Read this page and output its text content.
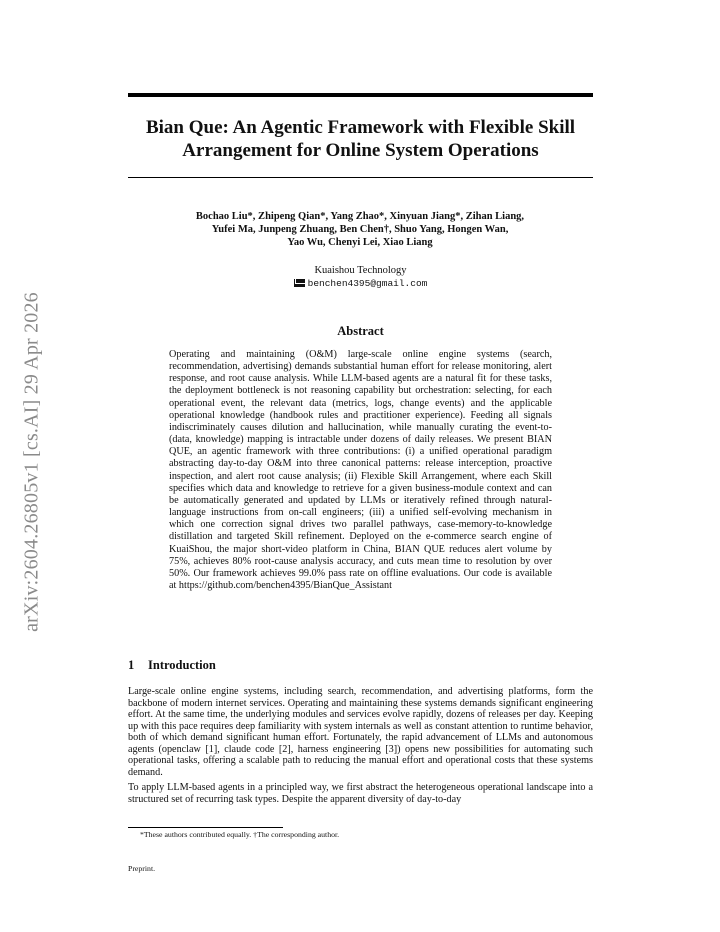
arXiv:2604.26805v1 [cs.AI] 29 Apr 2026
Bian Que: An Agentic Framework with Flexible Skill
Arrangement for Online System Operations
Bochao Liu*, Zhipeng Qian*, Yang Zhao*, Xinyuan Jiang*, Zihan Liang,
Yufei Ma, Junpeng Zhuang, Ben Chen†, Shuo Yang, Hongen Wan,
Yao Wu, Chenyi Lei, Xiao Liang
Kuaishou Technology
benchen4395@gmail.com
Abstract

Operating and maintaining (O&M) large-scale online engine systems (search, recommendation, advertising) demands substantial human effort for release monitoring, alert response, and root cause analysis. While LLM-based agents are a natural fit for these tasks, the deployment bottleneck is not reasoning capability but orchestration: selecting, for each operational event, the relevant data (metrics, logs, change events) and the applicable operational knowledge (handbook rules and practitioner experience). Feeding all signals indiscriminately causes dilution and hallucination, while manually curating the event-to-(data, knowledge) mapping is intractable under dozens of daily releases. We present BIAN QUE, an agentic framework with three contributions: (i) a unified operational paradigm abstracting day-to-day O&M into three canonical patterns: release interception, proactive inspection, and alert root cause analysis; (ii) Flexible Skill Arrangement, where each Skill specifies which data and knowledge to retrieve for a given business-module context and can be automatically generated and updated by LLMs or iteratively refined through natural-language instructions from on-call engineers; (iii) a unified self-evolving mechanism in which one correction signal drives two parallel pathways, case-memory-to-knowledge distillation and targeted Skill refinement. Deployed on the e-commerce search engine of KuaiShou, the major short-video platform in China, BIAN QUE reduces alert volume by 75%, achieves 80% root-cause analysis accuracy, and cuts mean time to resolution by over 50%. Our framework achieves 99.0% pass rate on offline evaluations. Our code is available at https://github.com/benchen4395/BianQue_Assistant

1 Introduction

Large-scale online engine systems, including search, recommendation, and advertising platforms, form the backbone of modern internet services. Operating and maintaining these systems demands significant engineering effort. At the same time, the underlying modules and services evolve rapidly, dozens of releases per day. Keeping up with this pace requires deep familiarity with system internals as well as constant attention to runtime behavior, both of which demand significant human effort. Fortunately, the rapid advancement of LLMs and autonomous agents (openclaw [1], claude code [2], harness engineering [3]) opens new possibilities for automating such operational tasks, offering a scalable path to reducing the manual effort and operational costs that these systems demand.

To apply LLM-based agents in a principled way, we first abstract the heterogeneous operational landscape into a structured set of recurring task types. Despite the apparent diversity of day-to-day

*These authors contributed equally. †The corresponding author.
Preprint.
